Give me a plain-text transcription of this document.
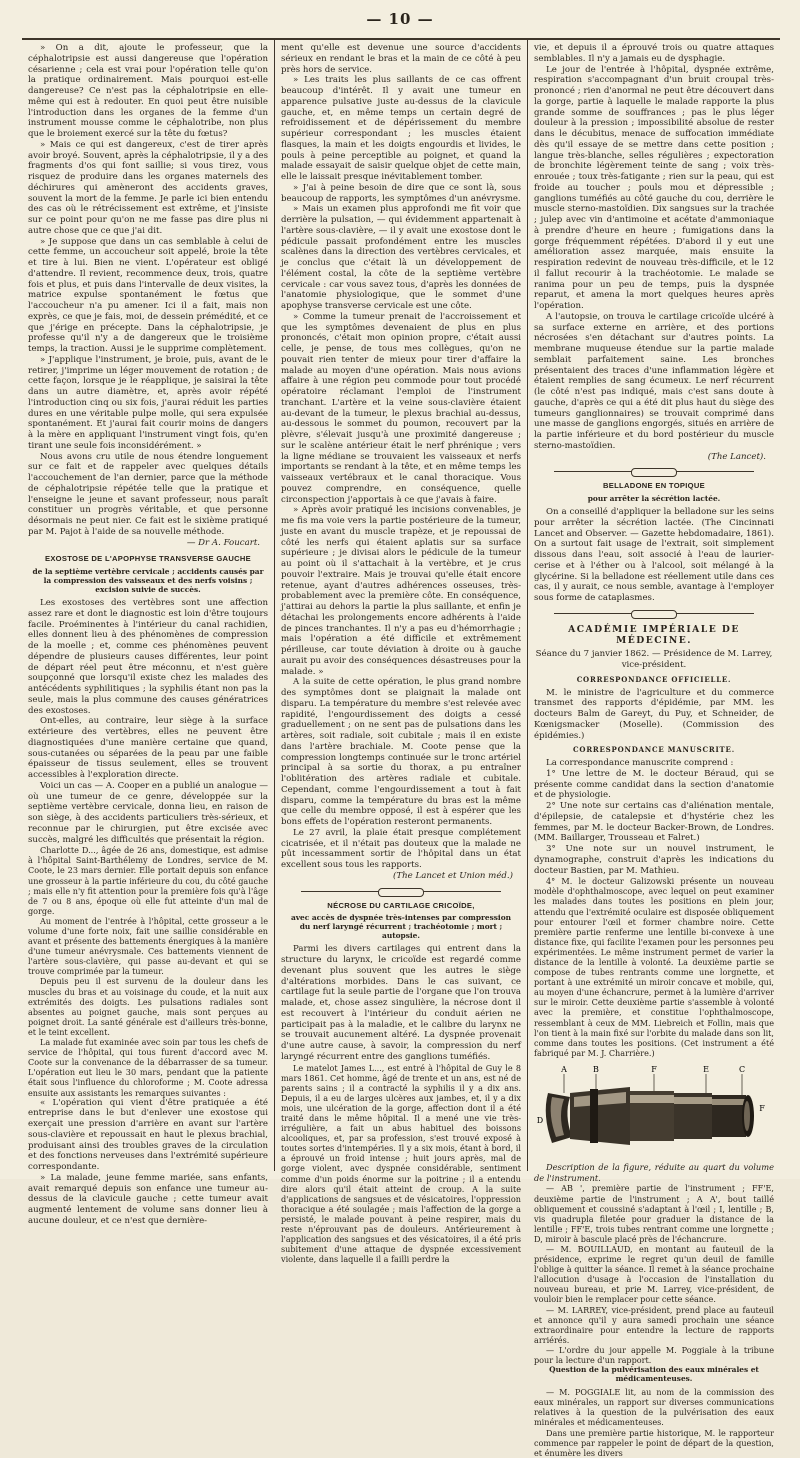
— 10 —

» On a dit, ajoute le professeur, que la céphalotripsie est aussi dangereuse que l'opération césarienne ; cela est vrai pour l'opération telle qu'on la pratique ordinairement. Mais pourquoi est-elle dangereuse? Ce n'est pas la céphalotripsie en elle-même qui est à redouter. En quoi peut être nuisible l'introduction dans les organes de la femme d'un instrument mousse comme le céphalotribe, non plus que le broiement exercé sur la tête du fœtus?

» Mais ce qui est dangereux, c'est de tirer après avoir broyé. Souvent, après la céphalotripsie, il y a des fragments d'os qui font saillie; si vous tirez, vous risquez de produire dans les organes maternels des déchirures qui amèneront des accidents graves, souvent la mort de la femme. Je parle ici bien entendu des cas où le rétrécissement est extrême, et j'insiste sur ce point pour qu'on ne me fasse pas dire plus ni autre chose que ce que j'ai dit.

» Je suppose que dans un cas semblable à celui de cette femme, un accoucheur soit appelé, broie la tête et tire à lui. Bien ne vient. L'opérateur est obligé d'attendre. Il revient, recommence deux, trois, quatre fois et plus, et puis dans l'intervalle de deux visites, la matrice expulse spontanément le fœtus que l'accoucheur n'a pu amener. Ici il a fait, mais non exprès, ce que je fais, moi, de dessein prémédité, et ce que j'érige en précepte. Dans la céphalotripsie, je professe qu'il n'y a de dangereux que le troisième temps, la traction. Aussi je le supprime complètement.

» J'applique l'instrument, je broie, puis, avant de le retirer, j'imprime un léger mouvement de rotation ; de cette façon, lorsque je le réapplique, je saisirai la tête dans un autre diamètre, et, après avoir répété l'introduction cinq ou six fois, j'aurai réduit les parties dures en une véritable pulpe molle, qui sera expulsée spontanément. Et j'aurai fait courir moins de dangers à la mère en appliquant l'instrument vingt fois, qu'en tirant une seule fois inconsidérément. »

Nous avons cru utile de nous étendre longuement sur ce fait et de rappeler avec quelques détails l'accouchement de l'an dernier, parce que la méthode de céphalotripsie répétée telle que la pratique et l'enseigne le jeune et savant professeur, nous paraît constituer un progrès véritable, et que personne désormais ne peut nier. Ce fait est le sixième pratiqué par M. Pajot à l'aide de sa nouvelle méthode.

— Dr A. Foucart.
EXOSTOSE DE L'APOPHYSE TRANSVERSE GAUCHE
de la septième vertèbre cervicale ; accidents causés par la compression des vaisseaux et des nerfs voisins ; excision suivie de succès.

Les exostoses des vertèbres sont une affection assez rare et dont le diagnostic est loin d'être toujours facile. Proéminentes à l'intérieur du canal rachidien, elles donnent lieu à des phénomènes de compression de la moelle ; et, comme ces phénomènes peuvent dépendre de plusieurs causes différentes, leur point de départ réel peut être méconnu, et n'est guère soupçonné que lorsqu'il existe chez les malades des antécédents syphilitiques ; la syphilis étant non pas la seule, mais la plus commune des causes génératrices des exostoses.

Ont-elles, au contraire, leur siège à la surface extérieure des vertèbres, elles ne peuvent être diagnostiquées d'une manière certaine que quand, sous-cutanées ou séparées de la peau par une faible épaisseur de tissus seulement, elles se trouvent accessibles à l'exploration directe.

Voici un cas — A. Cooper en a publié un analogue — où une tumeur de ce genre, développée sur la septième vertèbre cervicale, donna lieu, en raison de son siège, à des accidents particuliers très-sérieux, et reconnue par le chirurgien, put être excisée avec succès, malgré les difficultés que présentait la région.

Charlotte D..., âgée de 26 ans, domestique, est admise à l'hôpital Saint-Barthélemy de Londres, service de M. Coote, le 23 mars dernier. Elle portait depuis son enfance une grosseur à la partie inférieure du cou, du côté gauche ; mais elle n'y fit attention pour la première fois qu'à l'âge de 7 ou 8 ans, époque où elle fut atteinte d'un mal de gorge.

Au moment de l'entrée à l'hôpital, cette grosseur a le volume d'une forte noix, fait une saillie considérable en avant et présente des battements énergiques à la manière d'une tumeur anévrysmale. Ces battements viennent de l'artère sous-clavière, qui passe au-devant et qui se trouve comprimée par la tumeur.

Depuis peu il est survenu de la douleur dans les muscles du bras et au voisinage du coude, et la nuit aux extrémités des doigts. Les pulsations radiales sont absentes au poignet gauche, mais sont perçues au poignet droit. La santé générale est d'ailleurs très-bonne, et le teint excellent.

La malade fut examinée avec soin par tous les chefs de service de l'hôpital, qui tous furent d'accord avec M. Coote sur la convenance de la débarrasser de sa tumeur. L'opération eut lieu le 30 mars, pendant que la patiente était sous l'influence du chloroforme ; M. Coote adressa ensuite aux assistants les remarques suivantes :

« L'opération qui vient d'être pratiquée a été entreprise dans le but d'enlever une exostose qui exerçait une pression d'arrière en avant sur l'artère sous-clavière et repoussait en haut le plexus brachial, produisant ainsi des troubles graves de la circulation et des fonctions nerveuses dans l'extrémité supérieure correspondante.

» La malade, jeune femme mariée, sans enfants, avait remarqué depuis son enfance une tumeur au-dessus de la clavicule gauche ; cette tumeur avait augmenté lentement de volume sans donner lieu à aucune douleur, et ce n'est que dernière-

ment qu'elle est devenue une source d'accidents sérieux en rendant le bras et la main de ce côté à peu près hors de service.

» Les traits les plus saillants de ce cas offrent beaucoup d'intérêt. Il y avait une tumeur en apparence pulsative juste au-dessus de la clavicule gauche, et, en même temps un certain degré de refroidissement et de dépérissement du membre supérieur correspondant ; les muscles étaient flasques, la main et les doigts engourdis et livides, le pouls à peine perceptible au poignet, et quand la malade essayait de saisir quelque objet de cette main, elle le laissait presque inévitablement tomber.

» J'ai à peine besoin de dire que ce sont là, sous beaucoup de rapports, les symptômes d'un anévrysme.

» Mais un examen plus approfondi me fit voir que derrière la pulsation, — qui évidemment appartenait à l'artère sous-clavière, — il y avait une exostose dont le pédicule passait profondément entre les muscles scalènes dans la direction des vertèbres cervicales, et je conclus que c'était là un développement de l'élément costal, la côte de la septième vertèbre cervicale : car vous savez tous, d'après les données de l'anatomie physiologique, que le sommet d'une apophyse transverse cervicale est une côte.

» Comme la tumeur prenait de l'accroissement et que les symptômes devenaient de plus en plus prononcés, c'était mon opinion propre, c'était aussi celle, je pense, de tous mes collègues, qu'on ne pouvait rien tenter de mieux pour tirer d'affaire la malade au moyen d'une opération. Mais nous avions affaire à une région peu commode pour tout procédé opératoire réclamant l'emploi de l'instrument tranchant. L'artère et la veine sous-clavière étaient au-devant de la tumeur, le plexus brachial au-dessus, au-dessous le sommet du poumon, recouvert par la plèvre, s'élevait jusqu'à une proximité dangereuse ; sur le scalène antérieur était le nerf phrénique ; vers la ligne médiane se trouvaient les vaisseaux et nerfs importants se rendant à la tête, et en même temps les vaisseaux vertébraux et le canal thoracique. Vous pouvez comprendre, en conséquence, quelle circonspection j'apportais à ce que j'avais à faire.

» Après avoir pratiqué les incisions convenables, je me fis ma voie vers la partie postérieure de la tumeur, juste en avant du muscle trapèze, et je repoussai de côté les nerfs qui étaient aplatis sur sa surface supérieure ; je divisai alors le pédicule de la tumeur au point où il s'attachait à la vertèbre, et je crus pouvoir l'extraire. Mais je trouvai qu'elle était encore retenue, ayant d'autres adhérences osseuses, très-probablement avec la première côte. En conséquence, j'attirai au dehors la partie la plus saillante, et enfin je détachai les prolongements encore adhérents à l'aide de pinces tranchantes. Il n'y a pas eu d'hémorrhagie ; mais l'opération a été difficile et extrêmement périlleuse, car toute déviation à droite ou à gauche aurait pu avoir des conséquences désastreuses pour la malade. »

A la suite de cette opération, le plus grand nombre des symptômes dont se plaignait la malade ont disparu. La température du membre s'est relevée avec rapidité, l'engourdissement des doigts a cessé graduellement ; on ne sent pas de pulsations dans les artères, soit radiale, soit cubitale ; mais il en existe dans l'artère brachiale. M. Coote pense que la compression longtemps continuée sur le tronc artériel principal à sa sortie du thorax, a pu entraîner l'oblitération des artères radiale et cubitale. Cependant, comme l'engourdissement a tout à fait disparu, comme la température du bras est la même que celle du membre opposé, il est à espérer que les bons effets de l'opération resteront permanents.

Le 27 avril, la plaie était presque complétement cicatrisée, et il n'était pas douteux que la malade ne pût incessamment sortir de l'hôpital dans un état excellent sous tous les rapports.

(The Lancet et Union méd.)
NÉCROSE DU CARTILAGE CRICOÏDE,
avec accès de dyspnée très-intenses par compression du nerf laryngé récurrent ; trachéotomie ; mort ; autopsie.

Parmi les divers cartilages qui entrent dans la structure du larynx, le cricoïde est regardé comme devenant plus souvent que les autres le siège d'altérations morbides. Dans le cas suivant, ce cartilage fut la seule partie de l'organe que l'on trouva malade, et, chose assez singulière, la nécrose dont il est recouvert à l'intérieur du conduit aérien ne participait pas à la maladie, et le calibre du larynx ne se trouvait aucunement altéré. La dyspnée provenait d'une autre cause, à savoir, la compression du nerf laryngé récurrent entre des ganglions tuméfiés.

Le matelot James L..., est entré à l'hôpital de Guy le 8 mars 1861. Cet homme, âgé de trente et un ans, est né de parents sains ; il a contracté la syphilis il y a dix ans. Depuis, il a eu de larges ulcères aux jambes, et, il y a dix mois, une ulcération de la gorge, affection dont il a été traité dans le même hôpital. Il a mené une vie très-irrégulière, a fait un abus habituel des boissons alcooliques, et, par sa profession, s'est trouvé exposé à toutes sortes d'intempéries. Il y a six mois, étant à bord, il a éprouvé un froid intense ; huit jours après, mal de gorge violent, avec dyspnée considérable, sentiment comme d'un poids énorme sur la poitrine ; il a entendu dire alors qu'il était atteint de croup. A la suite d'applications de sangsues et de vésicatoires, l'oppression thoracique a été soulagée ; mais l'affection de la gorge a persisté, le malade pouvant à peine respirer, mais du reste n'éprouvant pas de douleurs. Antérieurement à l'application des sangsues et des vésicatoires, il a été pris subitement d'une attaque de dyspnée excessivement violente, dans laquelle il a failli perdre la

vie, et depuis il a éprouvé trois ou quatre attaques semblables. Il n'y a jamais eu de dysphagie.

Le jour de l'entrée à l'hôpital, dyspnée extrême, respiration s'accompagnant d'un bruit croupal très-prononcé ; rien d'anormal ne peut être découvert dans la gorge, partie à laquelle le malade rapporte la plus grande somme de souffrances ; pas le plus léger douleur à la pression ; impossibilité absolue de rester dans le décubitus, menace de suffocation immédiate dès qu'il essaye de se mettre dans cette position ; langue très-blanche, selles régulières ; expectoration de bronchite légèrement teinte de sang ; voix très-enrouée ; toux très-fatigante ; rien sur la peau, qui est froide au toucher ; pouls mou et dépressible ; ganglions tuméfiés au côté gauche du cou, derrière le muscle sterno-mastoïdien. Dix sangsues sur la trachée ; julep avec vin d'antimoine et acétate d'ammoniaque à prendre d'heure en heure ; fumigations dans la gorge fréquemment répétées. D'abord il y eut une amélioration assez marquée, mais ensuite la respiration redevint de nouveau très-difficile, et le 12 il fallut recourir à la trachéotomie. Le malade se ranima pour un peu de temps, puis la dyspnée reparut, et amena la mort quelques heures après l'opération.

A l'autopsie, on trouva le cartilage cricoïde ulcéré à sa surface externe en arrière, et des portions nécrosées s'en détachant sur d'autres points. La membrane muqueuse étendue sur la partie malade semblait parfaitement saine. Les bronches présentaient des traces d'une inflammation légère et étaient remplies de sang écumeux. Le nerf récurrent (le côté n'est pas indiqué, mais c'est sans doute à gauche, d'après ce qui a été dit plus haut du siège des tumeurs ganglionnaires) se trouvait comprimé dans une masse de ganglions engorgés, situés en arrière de la partie inférieure et du bord postérieur du muscle sterno-mastoïdien.

(The Lancet).
BELLADONE EN TOPIQUE
pour arrêter la sécrétion lactée.

On a conseillé d'appliquer la belladone sur les seins pour arrêter la sécrétion lactée. (The Cincinnati Lancet and Observer. — Gazette hebdomadaire, 1861). On a surtout fait usage de l'extrait, soit simplement dissous dans l'eau, soit associé à l'eau de laurier-cerise et à l'éther ou à l'alcool, soit mélangé à la glycérine. Si la belladone est réellement utile dans ces cas, il y aurait, ce nous semble, avantage à l'employer sous forme de cataplasmes.

ACADÉMIE IMPÉRIALE DE MÉDECINE.

Séance du 7 janvier 1862. — Présidence de M. Larrey, vice-président.

CORRESPONDANCE OFFICIELLE.

M. le ministre de l'agriculture et du commerce transmet des rapports d'épidémie, par MM. les docteurs Balm de Gareyt, du Puy, et Schneider, de Kœnigsmacker (Moselle). (Commission des épidémies.)

CORRESPONDANCE MANUSCRITE.

La correspondance manuscrite comprend :

1° Une lettre de M. le docteur Béraud, qui se présente comme candidat dans la section d'anatomie et de physiologie.

2° Une note sur certains cas d'aliénation mentale, d'épilepsie, de catalepsie et d'hystérie chez les femmes, par M. le docteur Backer-Brown, de Londres. (MM. Baillarger, Trousseau et Falret.)

3° Une note sur un nouvel instrument, le dynamographe, construit d'après les indications du docteur Bastien, par M. Mathieu.

4° M. le docteur Galizowski présente un nouveau modèle d'ophthalmoscope, avec lequel on peut examiner les malades dans toutes les positions en plein jour, attendu que l'extrémité oculaire est disposée obliquement pour entourer l'œil et former chambre noire. Cette première partie renferme une lentille bi-convexe à une distance fixe, qui facilite l'examen pour les personnes peu expérimentées. Le même instrument permet de varier la distance de la lentille à volonté. La deuxième partie se compose de tubes rentrants comme une lorgnette, et portant à une extrémité un miroir concave et mobile, qui, au moyen d'une échancrure, permet à la lumière d'arriver sur le miroir. Cette deuxième partie s'assemble à volonté avec la première, et constitue l'ophthalmoscope, ressemblant à ceux de MM. Liebreich et Follin, mais que l'on tient à la main fixé sur l'orbite du malade dans son lit, comme dans toutes les positions. (Cet instrument a été fabriqué par M. J. Charrière.)

A	B	F	E	C
D
F

Description de la figure, réduite au quart du volume de l'instrument.

— AB ', première partie de l'instrument ; FF'E, deuxième partie de l'instrument ; A A', bout taillé obliquement et coussiné s'adaptant à l'œil ; I, lentille ; B, vis quadrupla filetée pour graduer la distance de la lentille ; FF'E, trois tubes rentrant comme une lorgnette ; D, miroir à bascule placé près de l'échancrure.

— M. BOUILLAUD, en montant au fauteuil de la présidence, exprime le regret qu'un deuil de famille l'oblige à quitter la séance. Il remet à la séance prochaine l'allocution d'usage à l'occasion de l'installation du nouveau bureau, et prie M. Larrey, vice-président, de vouloir bien le remplacer pour cette séance.

— M. LARREY, vice-président, prend place au fauteuil et annonce qu'il y aura samedi prochain une séance extraordinaire pour entendre la lecture de rapports arriérés.

— L'ordre du jour appelle M. Poggiale à la tribune pour la lecture d'un rapport.

Question de la pulvérisation des eaux minérales et médicamenteuses.

— M. POGGIALE lit, au nom de la commission des eaux minérales, un rapport sur diverses communications relatives à la question de la pulvérisation des eaux minérales et médicamenteuses.

Dans une première partie historique, M. le rapporteur commence par rappeler le point de départ de la question, et énumère les divers
